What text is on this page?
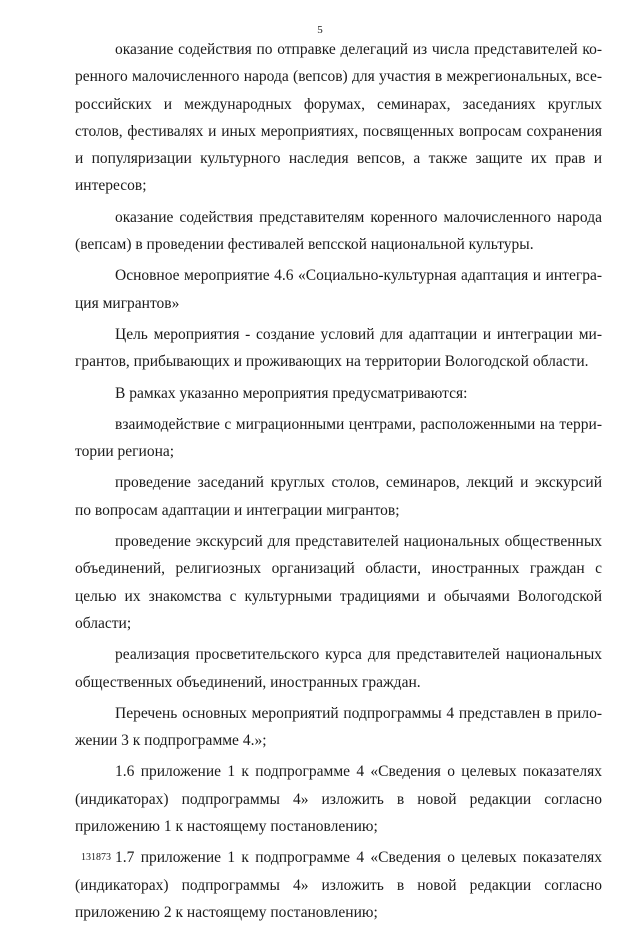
5

оказание содействия по отправке делегаций из числа представителей коренного малочисленного народа (вепсов) для участия в межрегиональных, всероссийских и международных форумах, семинарах, заседаниях круглых столов, фестивалях и иных мероприятиях, посвященных вопросам сохранения и популяризации культурного наследия вепсов, а также защите их прав и интересов;

оказание содействия представителям коренного малочисленного народа (вепсам) в проведении фестивалей вепсской национальной культуры.

Основное мероприятие 4.6 «Социально-культурная адаптация и интеграция мигрантов»

Цель мероприятия - создание условий для адаптации и интеграции мигрантов, прибывающих и проживающих на территории Вологодской области.

В рамках указанно мероприятия предусматриваются:

взаимодействие с миграционными центрами, расположенными на территории региона;

проведение заседаний круглых столов, семинаров, лекций и экскурсий по вопросам адаптации и интеграции мигрантов;

проведение экскурсий для представителей национальных общественных объединений, религиозных организаций области, иностранных граждан с целью их знакомства с культурными традициями и обычаями Вологодской области;

реализация просветительского курса для представителей национальных общественных объединений, иностранных граждан.

Перечень основных мероприятий подпрограммы 4 представлен в приложении 3 к подпрограмме 4.»;

1.6 приложение 1 к подпрограмме 4 «Сведения о целевых показателях (индикаторах) подпрограммы 4» изложить в новой редакции согласно приложению 1 к настоящему постановлению;

1.7 приложение 1 к подпрограмме 4 «Сведения о целевых показателях (индикаторах) подпрограммы 4» изложить в новой редакции согласно приложению 2 к настоящему постановлению;

131873
